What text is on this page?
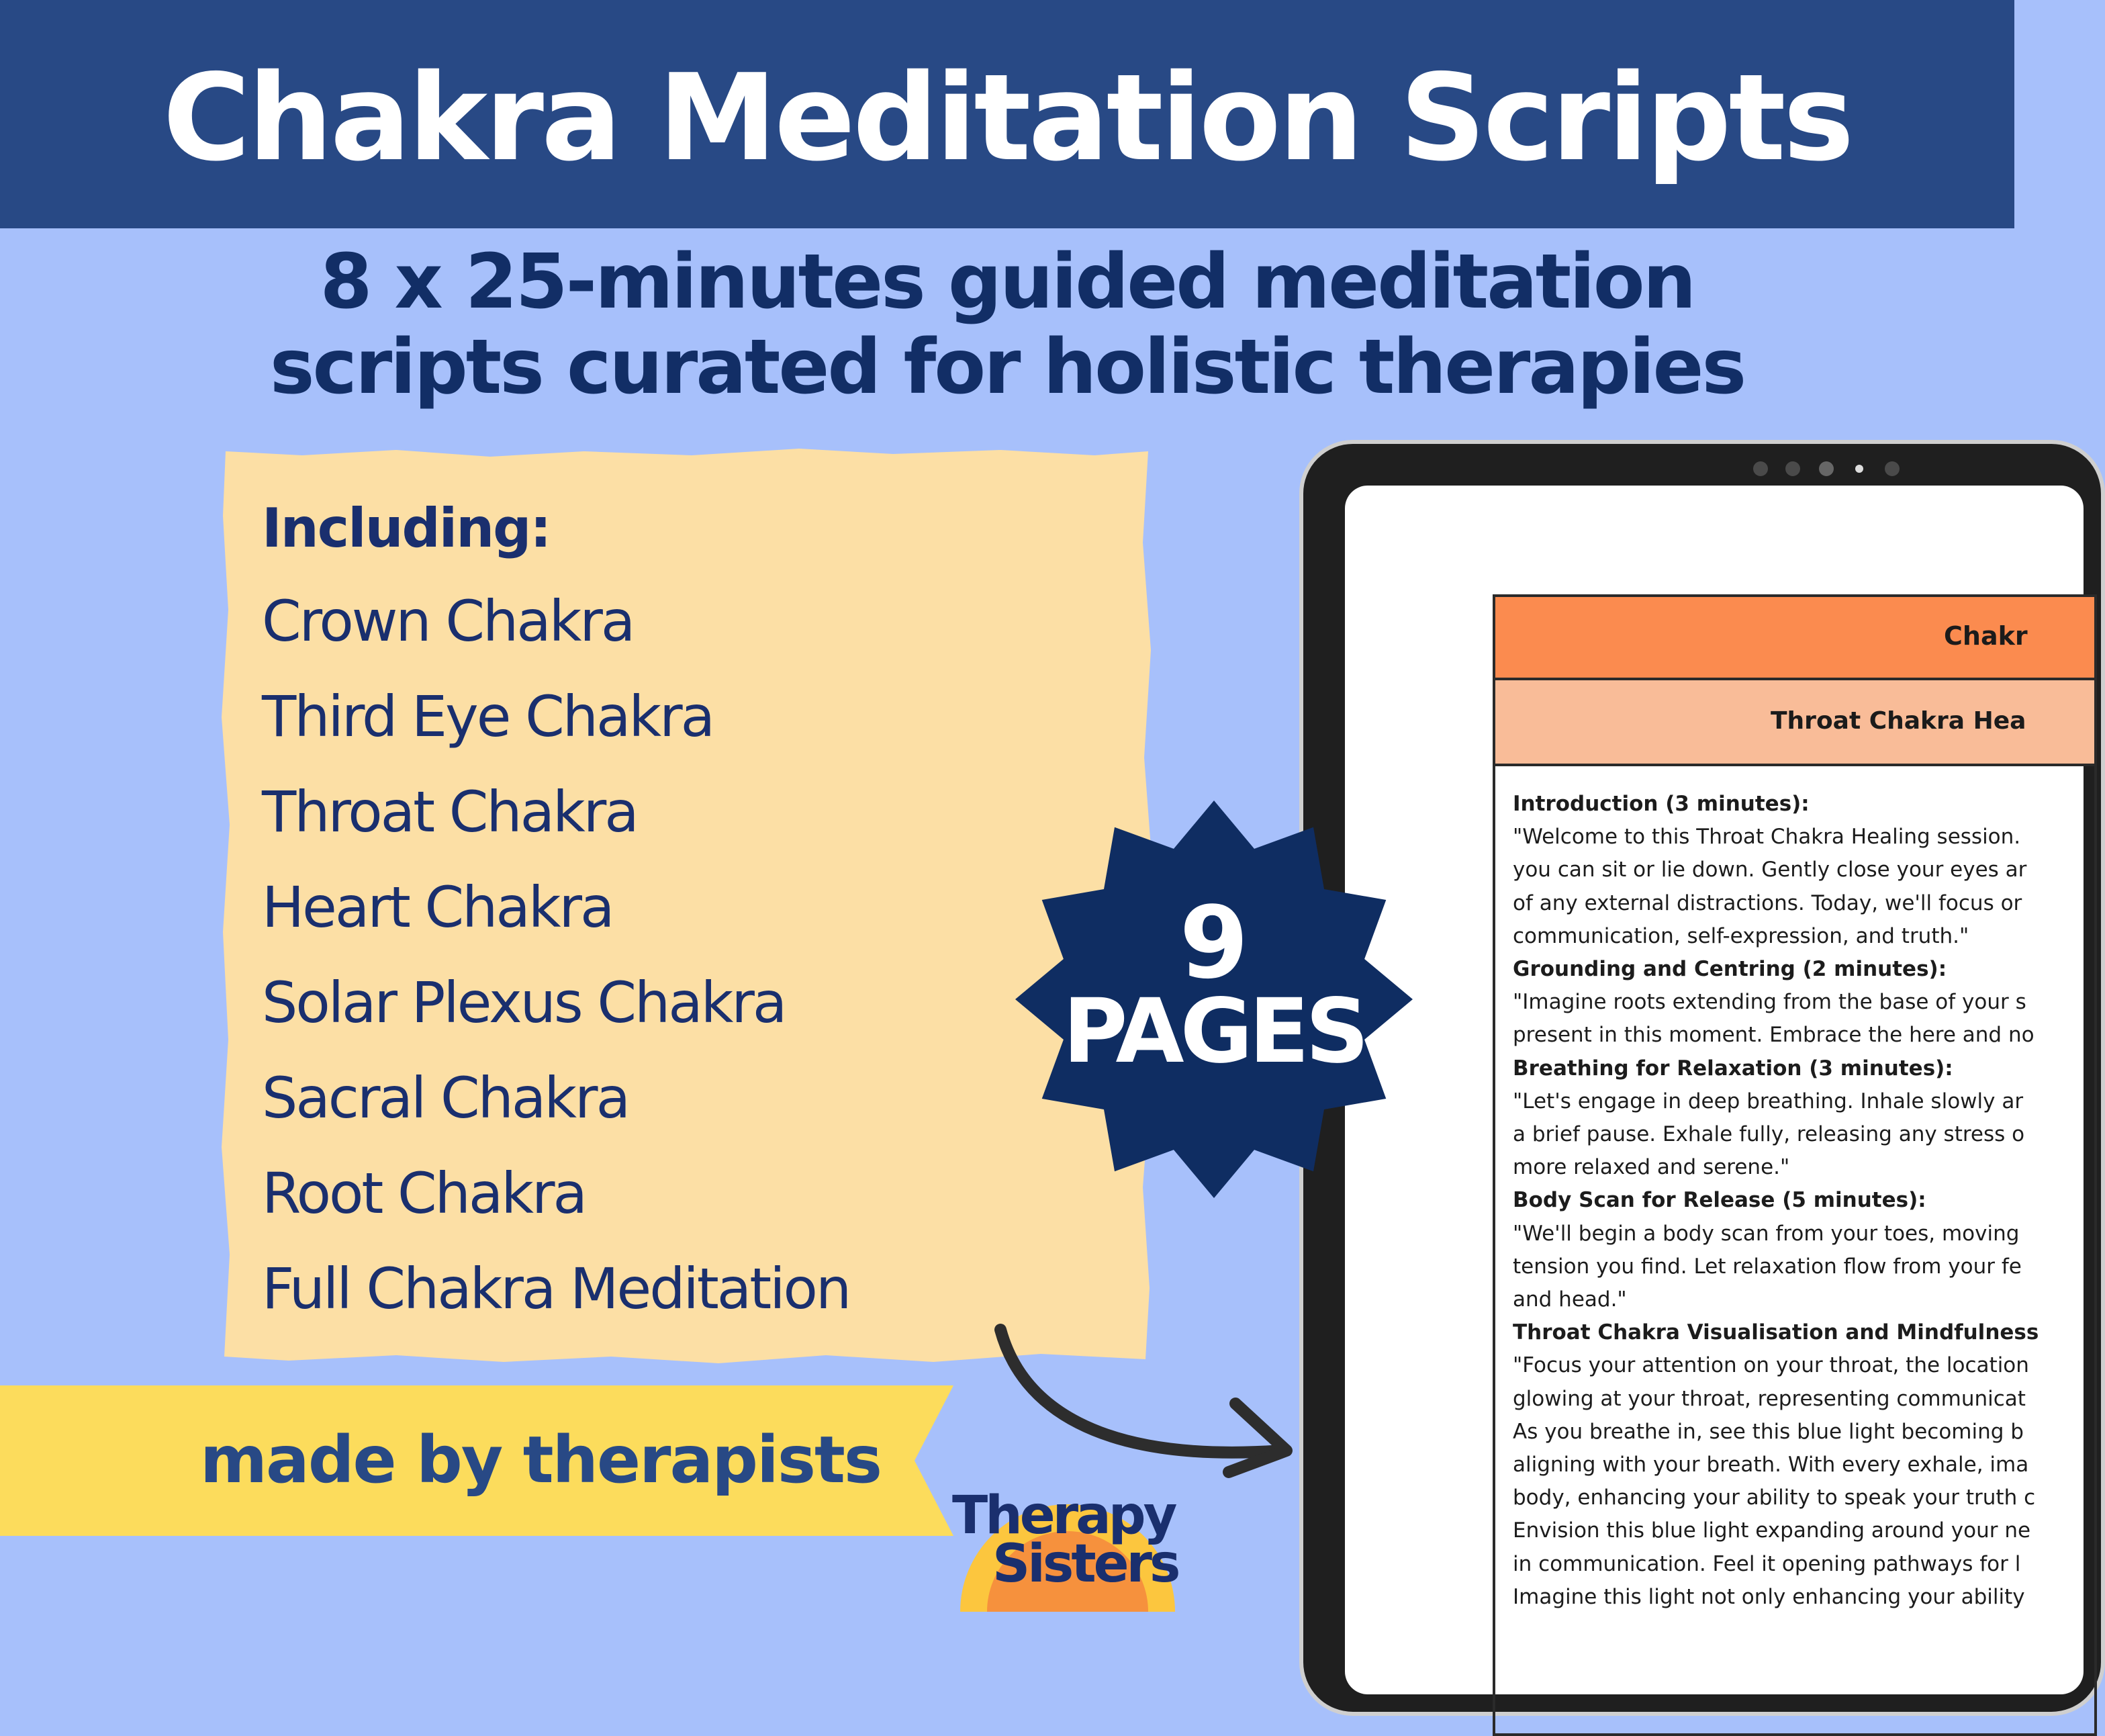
Chakra Meditation Scripts

8 x 25-minutes guided meditation

scripts curated for holistic therapies

Including:

Crown Chakra

Third Eye Chakra

Throat Chakra

Heart Chakra

Solar Plexus Chakra

Sacral Chakra

Root Chakra

Full Chakra Meditation

made by therapists

Chakr
Throat Chakra Hea

Introduction (3 minutes):

"Welcome to this Throat Chakra Healing session.

you can sit or lie down. Gently close your eyes ar

of any external distractions. Today, we'll focus or

communication, self-expression, and truth."

Grounding and Centring (2 minutes):

"Imagine roots extending from the base of your s

present in this moment. Embrace the here and no

Breathing for Relaxation (3 minutes):

"Let's engage in deep breathing. Inhale slowly ar

a brief pause. Exhale fully, releasing any stress o

more relaxed and serene."

Body Scan for Release (5 minutes):

"We'll begin a body scan from your toes, moving

tension you find. Let relaxation flow from your fe

and head."

Throat Chakra Visualisation and Mindfulness

"Focus your attention on your throat, the location

glowing at your throat, representing communicat

As you breathe in, see this blue light becoming b

aligning with your breath. With every exhale, ima

body, enhancing your ability to speak your truth c

Envision this blue light expanding around your ne

in communication. Feel it opening pathways for l

Imagine this light not only enhancing your ability

9

PAGES

Therapy

Sisters
